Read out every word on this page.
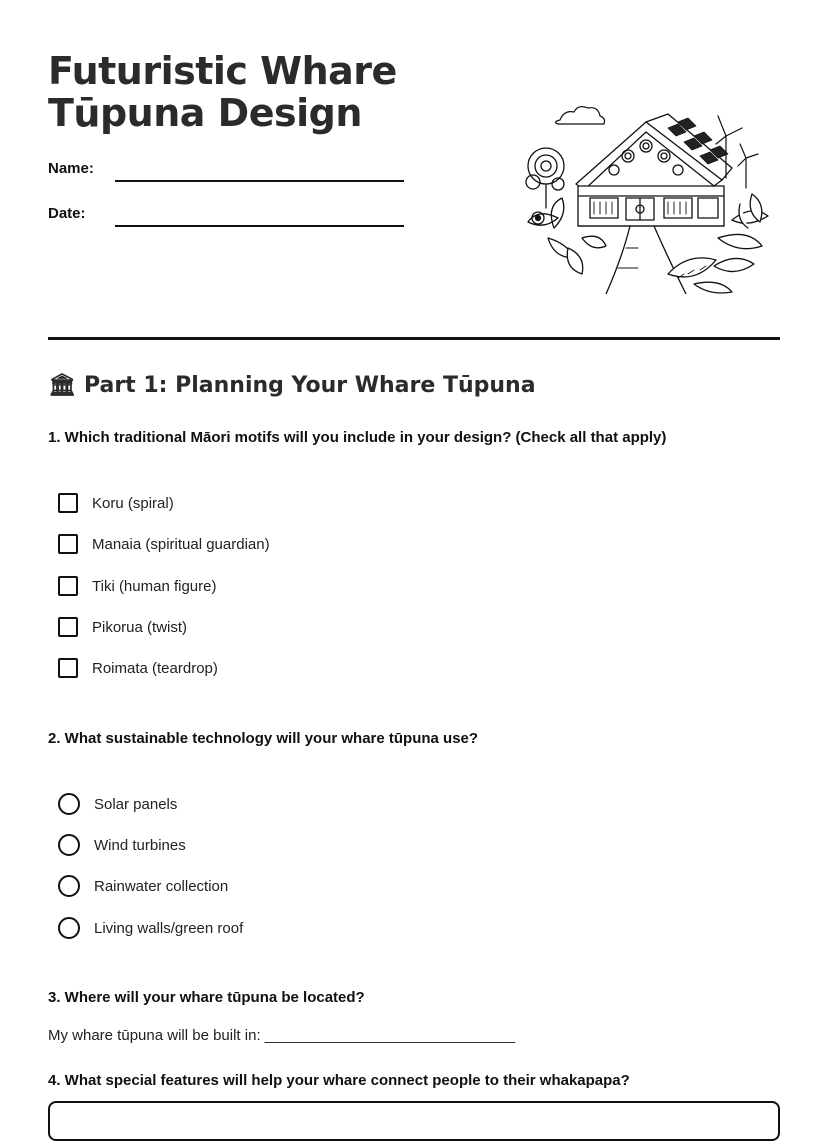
Futuristic Whare
Tūpuna Design
Name:
Date:
🏛 Part 1: Planning Your Whare Tūpuna
1. Which traditional Māori motifs will you include in your design? (Check all that apply)
Koru (spiral)
Manaia (spiritual guardian)
Tiki (human figure)
Pikorua (twist)
Roimata (teardrop)
2. What sustainable technology will your whare tūpuna use?
Solar panels
Wind turbines
Rainwater collection
Living walls/green roof
3. Where will your whare tūpuna be located?
My whare tūpuna will be built in: ______________________________
4. What special features will help your whare connect people to their whakapapa?
